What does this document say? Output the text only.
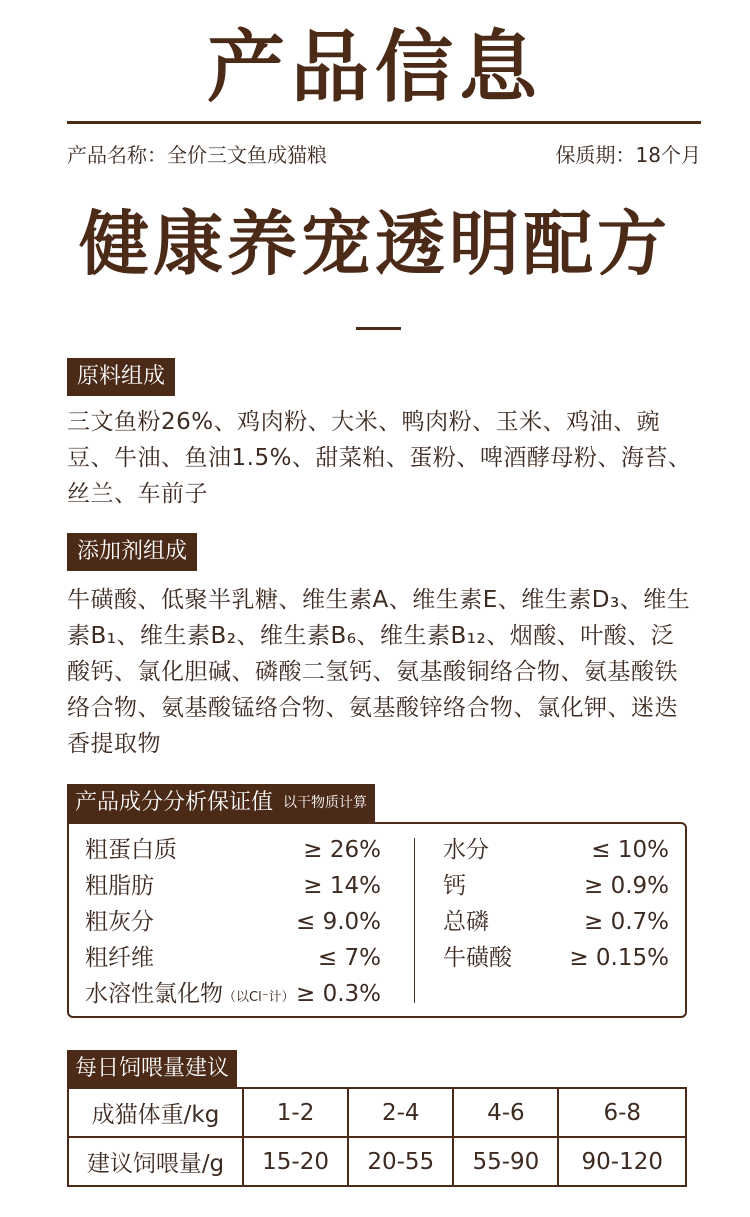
产品信息
产品名称：全价三文鱼成猫粮	保质期：18个月
健康养宠透明配方
原料组成
三文鱼粉26%、鸡肉粉、大米、鸭肉粉、玉米、鸡油、豌豆、牛油、鱼油1.5%、甜菜粕、蛋粉、啤酒酵母粉、海苔、丝兰、车前子
添加剂组成
牛磺酸、低聚半乳糖、维生素A、维生素E、维生素D₃、维生素B₁、维生素B₂、维生素B₆、维生素B₁₂、烟酸、叶酸、泛酸钙、氯化胆碱、磷酸二氢钙、氨基酸铜络合物、氨基酸铁络合物、氨基酸锰络合物、氨基酸锌络合物、氯化钾、迷迭香提取物
产品成分分析保证值 以干物质计算
粗蛋白质	≥ 26%
粗脂肪	≥ 14%
粗灰分	≤ 9.0%
粗纤维	≤ 7%
水溶性氯化物（以Cl⁻计） ≥ 0.3%
水分	≤ 10%
钙	≥ 0.9%
总磷	≥ 0.7%
牛磺酸 ≥ 0.15%
每日饲喂量建议
成猫体重/kg	1-2	2-4	4-6	6-8
建议饲喂量/g	15-20	20-55	55-90	90-120
